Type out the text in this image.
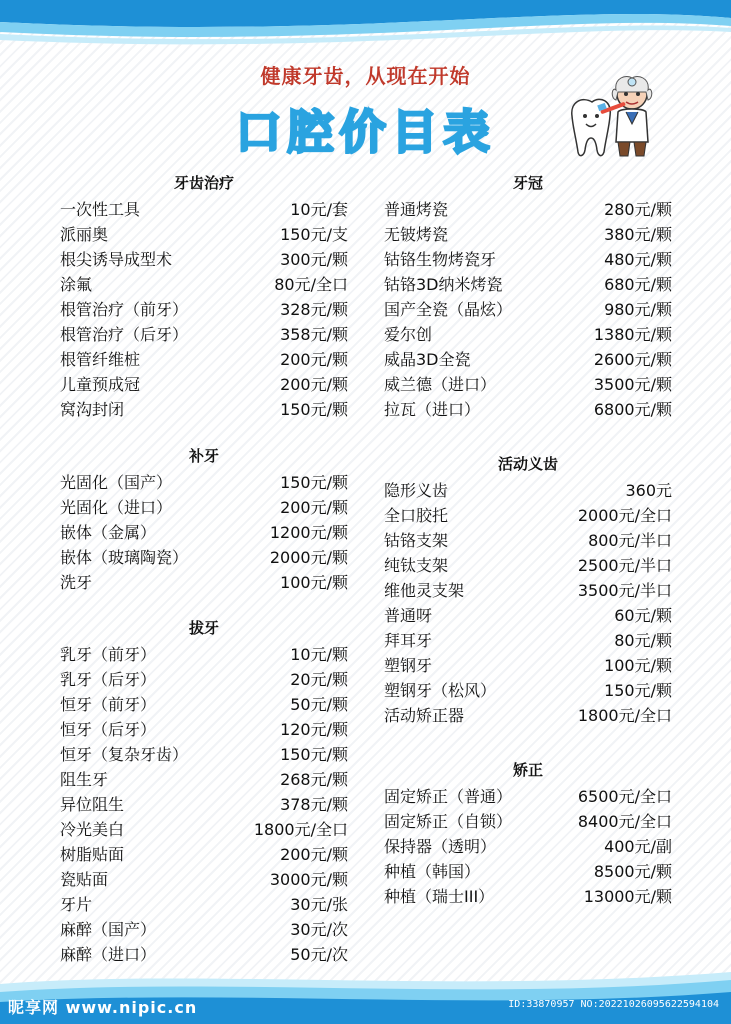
健康牙齿，从现在开始
口腔价目表
牙齿治疗
一次性工具	10元/套
派丽奥	150元/支
根尖诱导成型术	300元/颗
涂氟	80元/全口
根管治疗（前牙）	328元/颗
根管治疗（后牙）	358元/颗
根管纤维桩	200元/颗
儿童预成冠	200元/颗
窝沟封闭	150元/颗
补牙
光固化（国产）	150元/颗
光固化（进口）	200元/颗
嵌体（金属）	1200元/颗
嵌体（玻璃陶瓷）	2000元/颗
洗牙	100元/颗
拔牙
乳牙（前牙）	10元/颗
乳牙（后牙）	20元/颗
恒牙（前牙）	50元/颗
恒牙（后牙）	120元/颗
恒牙（复杂牙齿）	150元/颗
阻生牙	268元/颗
异位阻生	378元/颗
冷光美白	1800元/全口
树脂贴面	200元/颗
瓷贴面	3000元/颗
牙片	30元/张
麻醉（国产）	30元/次
麻醉（进口）	50元/次
牙冠
普通烤瓷	280元/颗
无铍烤瓷	380元/颗
钴铬生物烤瓷牙	480元/颗
钴铬3D纳米烤瓷	680元/颗
国产全瓷（晶炫）	980元/颗
爱尔创	1380元/颗
威晶3D全瓷	2600元/颗
威兰德（进口）	3500元/颗
拉瓦（进口）	6800元/颗
活动义齿
隐形义齿	360元
全口胶托	2000元/全口
钴铬支架	800元/半口
纯钛支架	2500元/半口
维他灵支架	3500元/半口
普通呀	60元/颗
拜耳牙	80元/颗
塑钢牙	100元/颗
塑钢牙（松风）	150元/颗
活动矫正器	1800元/全口
矫正
固定矫正（普通）	6500元/全口
固定矫正（自锁）	8400元/全口
保持器（透明）	400元/副
种植（韩国）	8500元/颗
种植（瑞士III）	13000元/颗
昵享网 www.nipic.cn	ID:33870957 NO:20221026095622594104
